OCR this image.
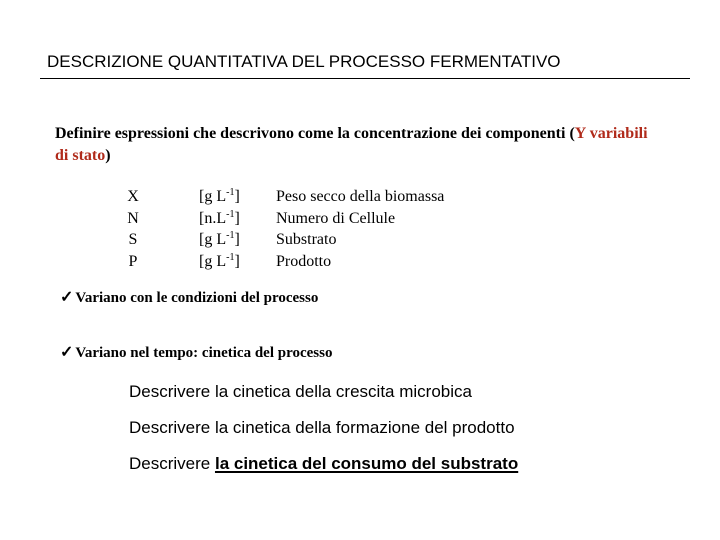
DESCRIZIONE QUANTITATIVA DEL PROCESSO FERMENTATIVO
Definire espressioni che descrivono come la concentrazione dei componenti (Y variabili
di stato)
X
N
S
P
[g $L^{-1}$]
$[n.L^{-1}]$
[g $L^{-1}$]
[g $L^{-1}$]
Peso secco della biomassa
Numero di Cellule
Substrato
Prodotto
✓ Variano con le condizioni del processo
✓ Variano nel tempo: cinetica del processo
Descrivere la cinetica della crescita microbica
Descrivere la cinetica della formazione del prodotto
Descrivere la cinetica del consumo del substrato
